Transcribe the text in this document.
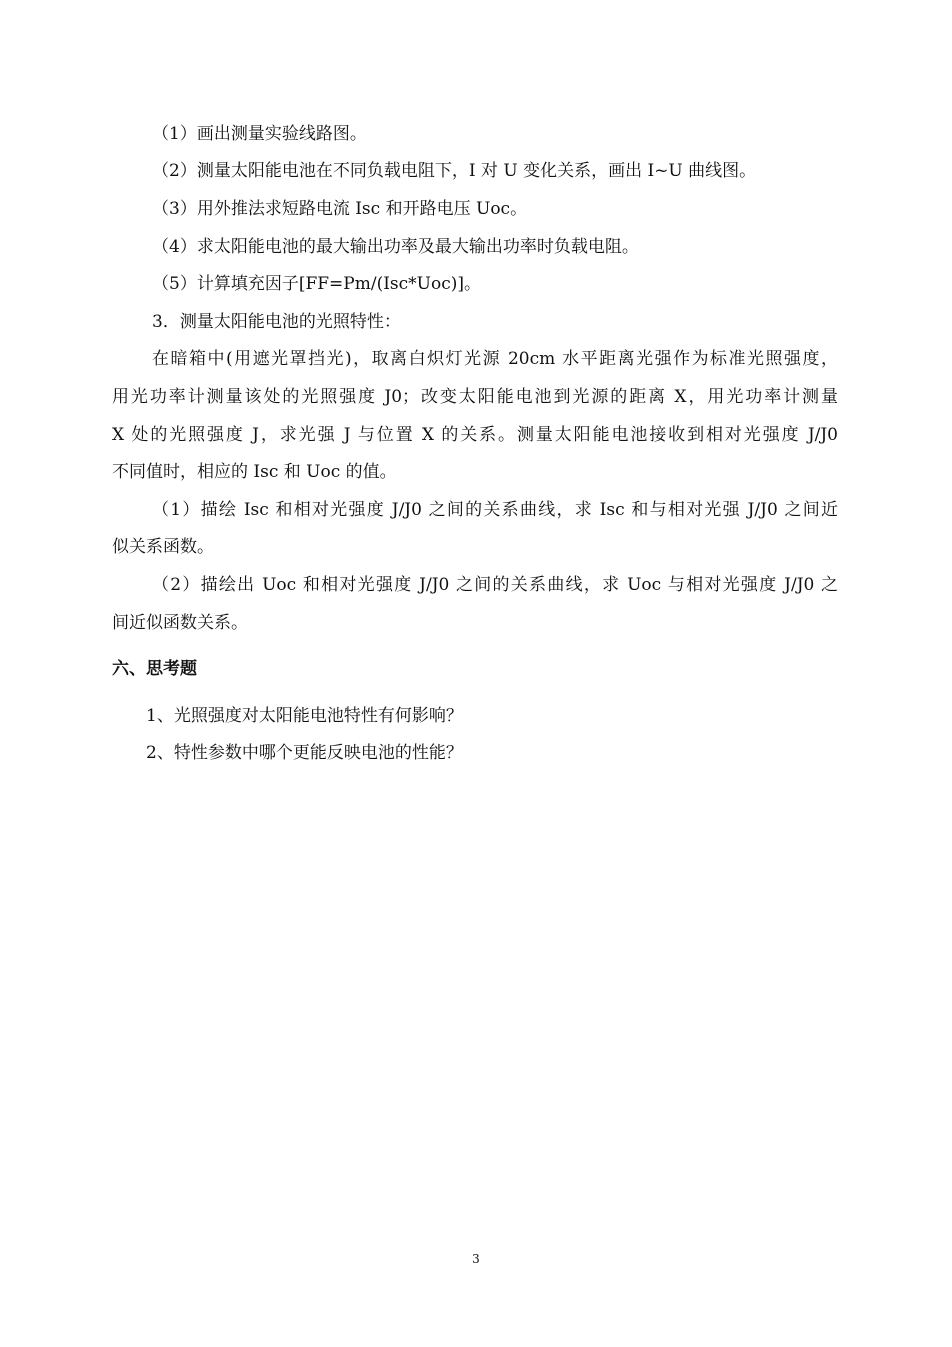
（1）画出测量实验线路图。
（2）测量太阳能电池在不同负载电阻下，I 对 U 变化关系，画出 I~U 曲线图。
（3）用外推法求短路电流 Isc 和开路电压 Uoc。
（4）求太阳能电池的最大输出功率及最大输出功率时负载电阻。
（5）计算填充因子[FF=Pm/(Isc*Uoc)]。
3．测量太阳能电池的光照特性：
在暗箱中(用遮光罩挡光)，取离白炽灯光源 20cm 水平距离光强作为标准光照强度，
用光功率计测量该处的光照强度 J0；改变太阳能电池到光源的距离 X，用光功率计测量
X 处的光照强度 J，求光强 J 与位置 X 的关系。测量太阳能电池接收到相对光强度 J/J0
不同值时，相应的 Isc 和 Uoc 的值。
（1）描绘 Isc 和相对光强度 J/J0 之间的关系曲线，求 Isc 和与相对光强 J/J0 之间近
似关系函数。
（2）描绘出 Uoc 和相对光强度 J/J0 之间的关系曲线，求 Uoc 与相对光强度 J/J0 之
间近似函数关系。
六、思考题
1、光照强度对太阳能电池特性有何影响？
2、特性参数中哪个更能反映电池的性能？
3
